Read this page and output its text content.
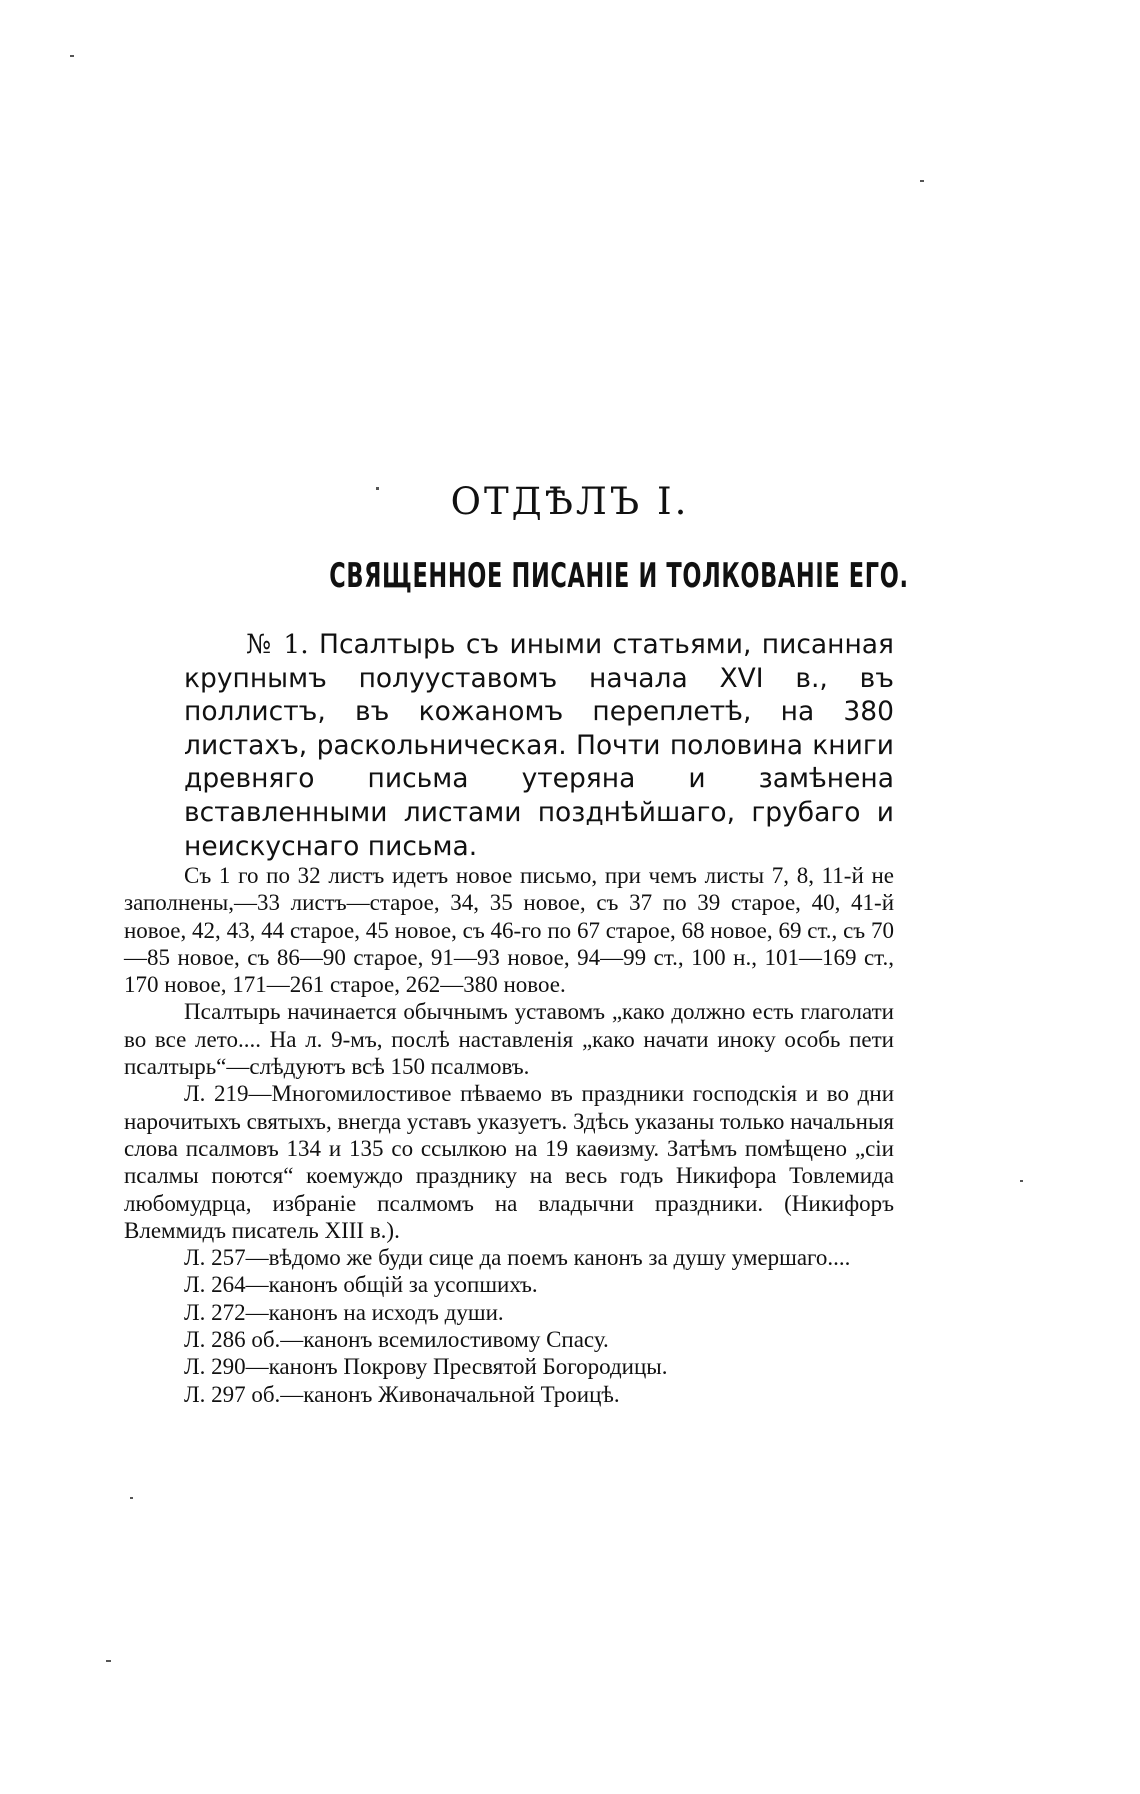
ОТДѢЛЪ I.
СВЯЩЕННОЕ ПИСАНІЕ И ТОЛКОВАНІЕ ЕГО.
№ 1. Псалтырь съ иными статьями, писанная крупнымъ полууставомъ начала XVI в., въ поллистъ, въ кожаномъ переплетѣ, на 380 листахъ, раскольническая. Почти половина книги древняго письма утеряна и замѣнена вставленными листами позднѣйшаго, грубаго и неискуснаго письма.

Съ 1 го по 32 листъ идетъ новое письмо, при чемъ листы 7, 8, 11-й не заполнены,—33 листъ—старое, 34, 35 новое, съ 37 по 39 старое, 40, 41-й новое, 42, 43, 44 старое, 45 новое, съ 46-го по 67 старое, 68 новое, 69 ст., съ 70—85 новое, съ 86—90 старое, 91—93 новое, 94—99 ст., 100 н., 101—169 ст., 170 новое, 171—261 старое, 262—380 новое.

Псалтырь начинается обычнымъ уставомъ „како должно есть глаголати во все лето.... На л. 9-мъ, послѣ наставленія „како начати иноку особь пети псалтырь“—слѣдуютъ всѣ 150 псалмовъ.

Л. 219—Многомилостивое пѣваемо въ праздники господскія и во дни нарочитыхъ святыхъ, внегда уставъ указуетъ. Здѣсь указаны только начальныя слова псалмовъ 134 и 135 со ссылкою на 19 каѳизму. Затѣмъ помѣщено „сіи псалмы поются“ коемуждо празднику на весь годъ Никифора Товлемида любомудрца, избраніе псалмомъ на владычни праздники. (Никифоръ Влеммидъ писатель XIII в.).

Л. 257—вѣдомо же буди сице да поемъ канонъ за душу умершаго....

Л. 264—канонъ общій за усопшихъ.

Л. 272—канонъ на исходъ души.

Л. 286 об.—канонъ всемилостивому Спасу.

Л. 290—канонъ Покрову Пресвятой Богородицы.

Л. 297 об.—канонъ Живоначальной Троицѣ.
